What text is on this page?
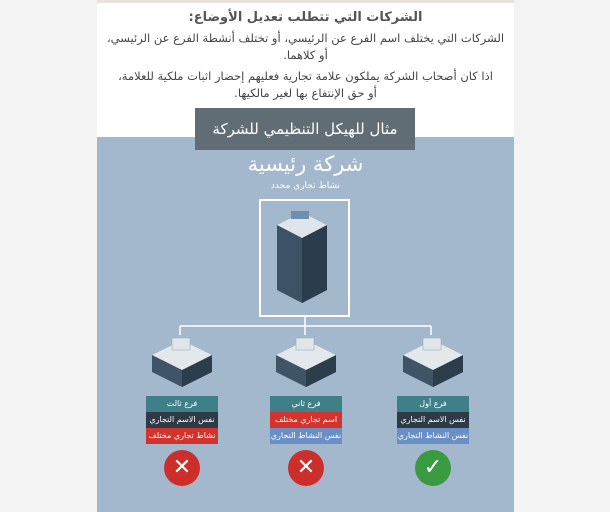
الشركات التي تتطلب تعديل الأوضاع:
الشركات التي يختلف اسم الفرع عن الرئيسي، أو تختلف أنشطة الفرع عن الرئيسي، أو كلاهما.
اذا كان أصحاب الشركة يملكون علامة تجارية فعليهم إحضار اثبات ملكية للعلامة،
أو حق الإنتفاع بها لغير مالكيها.
مثال للهيكل التنظيمي للشركة
شركة رئيسية
نشاط تجاري محدد
فرع أول
نفس الاسم التجاري
نفس النشاط التجاري
✓
فرع ثاني
اسم تجاري مختلف
نفس النشاط التجاري
✕
فرع ثالث
نفس الاسم التجاري
نشاط تجاري مختلف
✕
